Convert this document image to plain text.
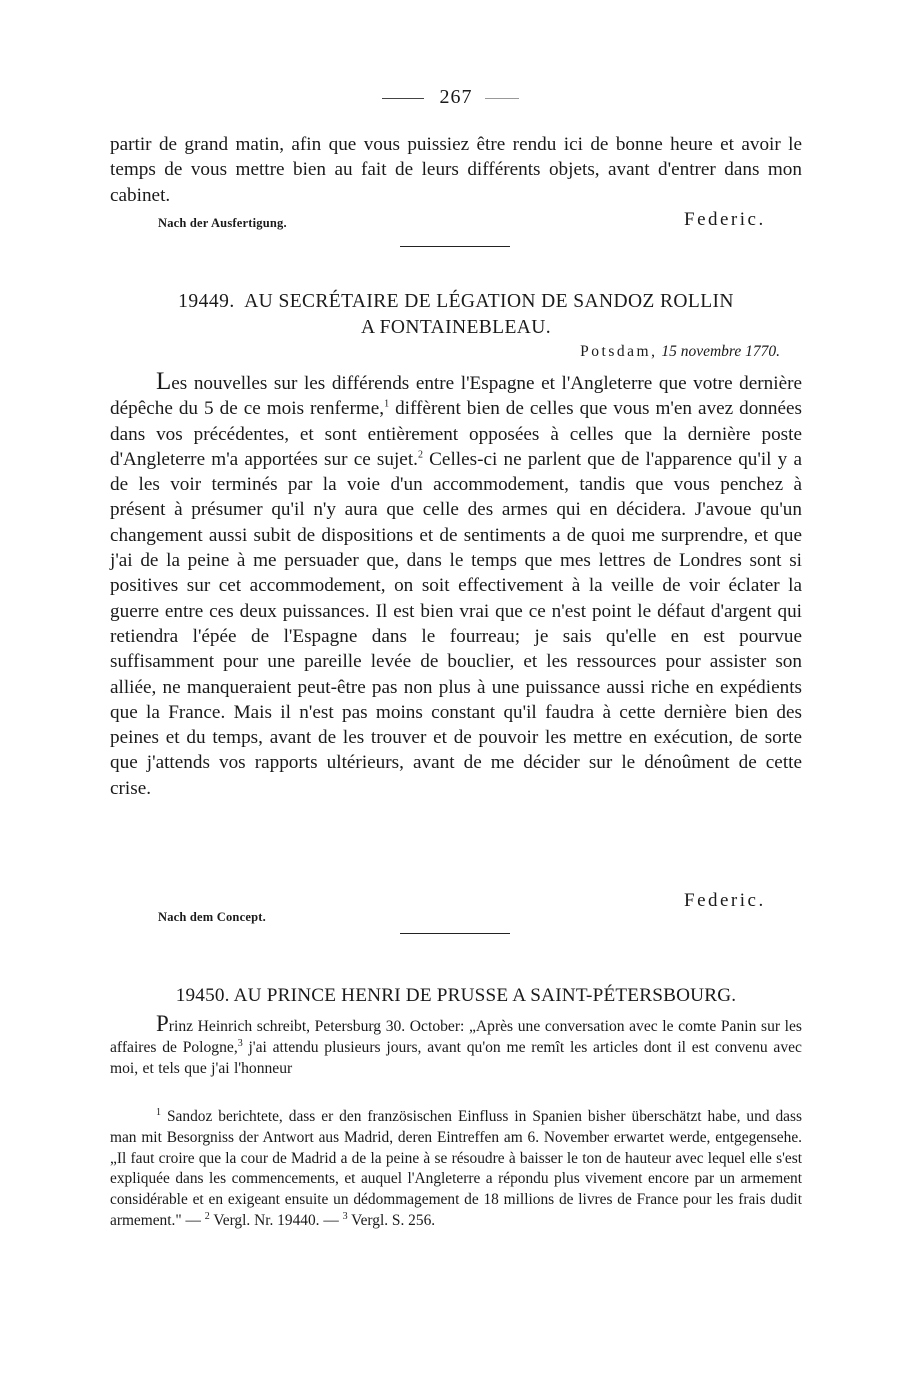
267
partir de grand matin, afin que vous puissiez être rendu ici de bonne heure et avoir le temps de vous mettre bien au fait de leurs différents objets, avant d'entrer dans mon cabinet.
Nach der Ausfertigung.	Federic.
19449. AU SECRÉTAIRE DE LÉGATION DE SANDOZ ROLLIN
A FONTAINEBLEAU.
Potsdam, 15 novembre 1770.
Les nouvelles sur les différends entre l'Espagne et l'Angleterre que votre dernière dépêche du 5 de ce mois renferme,$^1$ diffèrent bien de celles que vous m'en avez données dans vos précédentes, et sont entièrement opposées à celles que la dernière poste d'Angleterre m'a apportées sur ce sujet.$^2$ Celles-ci ne parlent que de l'apparence qu'il y a de les voir terminés par la voie d'un accommodement, tandis que vous penchez à présent à présumer qu'il n'y aura que celle des armes qui en décidera. J'avoue qu'un changement aussi subit de dispositions et de sentiments a de quoi me surprendre, et que j'ai de la peine à me persuader que, dans le temps que mes lettres de Londres sont si positives sur cet accommodement, on soit effectivement à la veille de voir éclater la guerre entre ces deux puissances. Il est bien vrai que ce n'est point le défaut d'argent qui retiendra l'épée de l'Espagne dans le fourreau; je sais qu'elle en est pourvue suffisamment pour une pareille levée de bouclier, et les ressources pour assister son alliée, ne manqueraient peut-être pas non plus à une puissance aussi riche en expédients que la France. Mais il n'est pas moins constant qu'il faudra à cette dernière bien des peines et du temps, avant de les trouver et de pouvoir les mettre en exécution, de sorte que j'attends vos rapports ultérieurs, avant de me décider sur le dénoûment de cette crise.
Federic.
Nach dem Concept.
19450. AU PRINCE HENRI DE PRUSSE A SAINT-PÉTERSBOURG.
Prinz Heinrich schreibt, Petersburg 30. October: „Après une conversation avec le comte Panin sur les affaires de Pologne,$^3$ j'ai attendu plusieurs jours, avant qu'on me remît les articles dont il est convenu avec moi, et tels que j'ai l'honneur
$^1$ Sandoz berichtete, dass er den französischen Einfluss in Spanien bisher überschätzt habe, und dass man mit Besorgniss der Antwort aus Madrid, deren Eintreffen am 6. November erwartet werde, entgegensehe. „Il faut croire que la cour de Madrid a de la peine à se résoudre à baisser le ton de hauteur avec lequel elle s'est expliquée dans les commencements, et auquel l'Angleterre a répondu plus vivement encore par un armement considérable et en exigeant ensuite un dédommagement de 18 millions de livres de France pour les frais dudit armement." — $^2$ Vergl. Nr. 19440. — $^3$ Vergl. S. 256.
